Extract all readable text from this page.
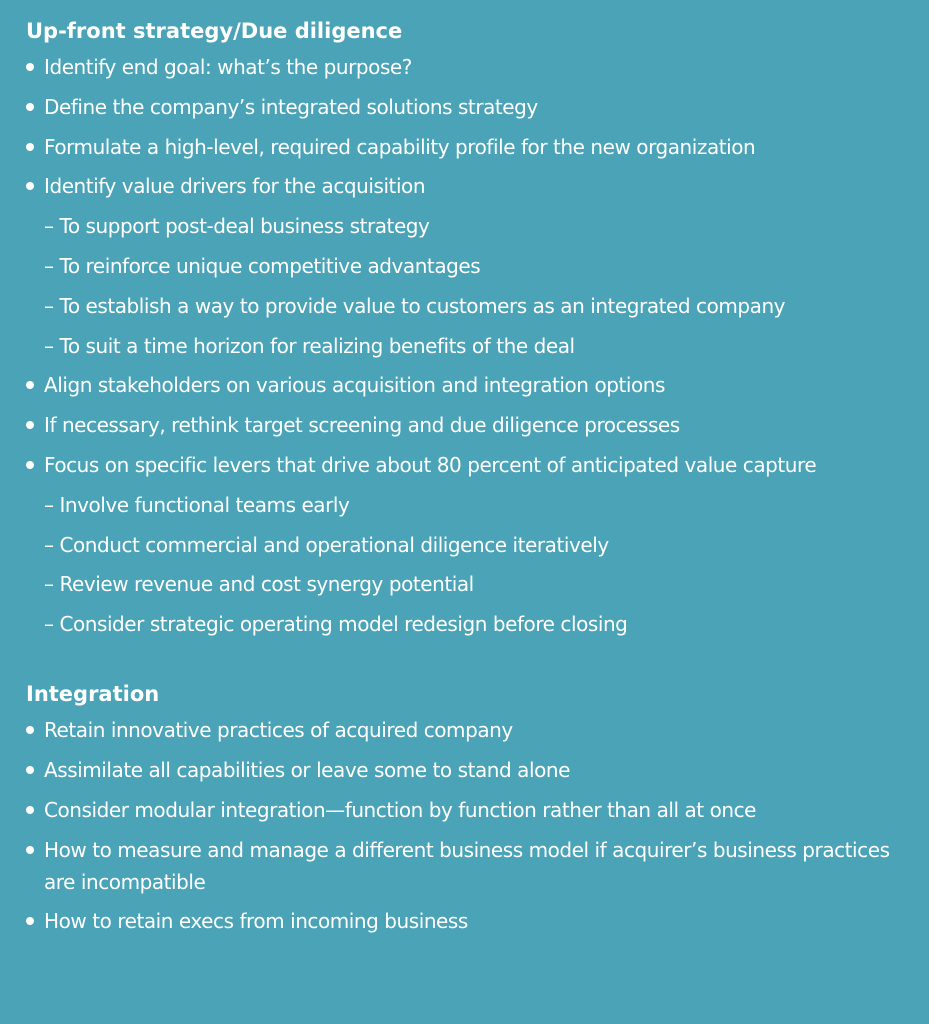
Up-front strategy/Due diligence
Identify end goal: what’s the purpose?
Define the company’s integrated solutions strategy
Formulate a high-level, required capability profile for the new organization
Identify value drivers for the acquisition
– To support post-deal business strategy
– To reinforce unique competitive advantages
– To establish a way to provide value to customers as an integrated company
– To suit a time horizon for realizing benefits of the deal
Align stakeholders on various acquisition and integration options
If necessary, rethink target screening and due diligence processes
Focus on specific levers that drive about 80 percent of anticipated value capture
– Involve functional teams early
– Conduct commercial and operational diligence iteratively
– Review revenue and cost synergy potential
– Consider strategic operating model redesign before closing
Integration
Retain innovative practices of acquired company
Assimilate all capabilities or leave some to stand alone
Consider modular integration—function by function rather than all at once
How to measure and manage a different business model if acquirer’s business practices are incompatible
How to retain execs from incoming business
